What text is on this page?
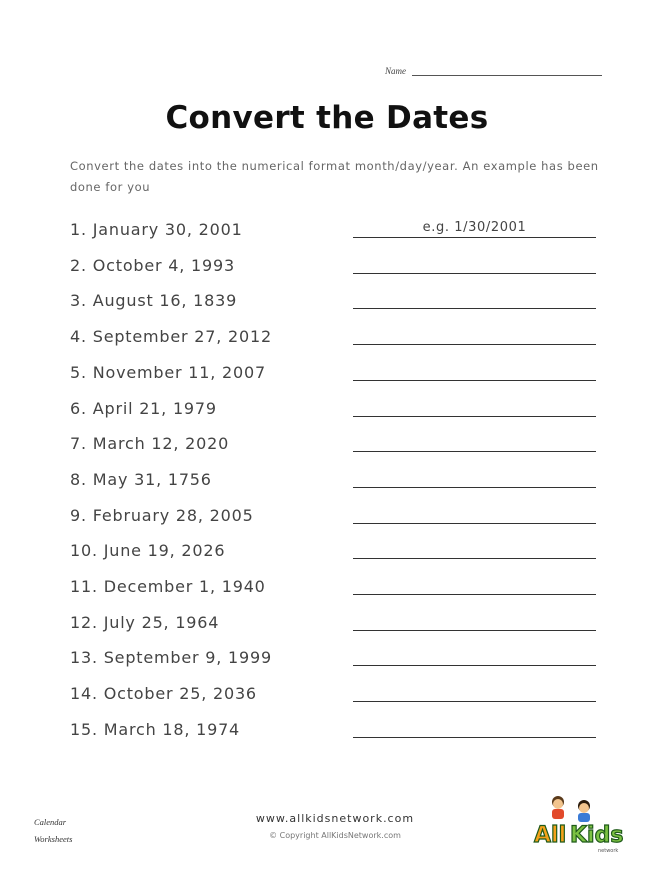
Name
Convert the Dates
Convert the dates into the numerical format month/day/year. An example has been done for you
1. January 30, 2001	e.g. 1/30/2001
2. October 4, 1993
3. August 16, 1839
4. September 27, 2012
5. November 11, 2007
6. April 21, 1979
7. March 12, 2020
8. May 31, 1756
9. February 28, 2005
10. June 19, 2026
11. December 1, 1940
12. July 25, 1964
13. September 9, 1999
14. October 25, 2036
15. March 18, 1974
Calendar
Worksheets
www.allkidsnetwork.com
© Copyright AllKidsNetwork.com	All Kids
network
